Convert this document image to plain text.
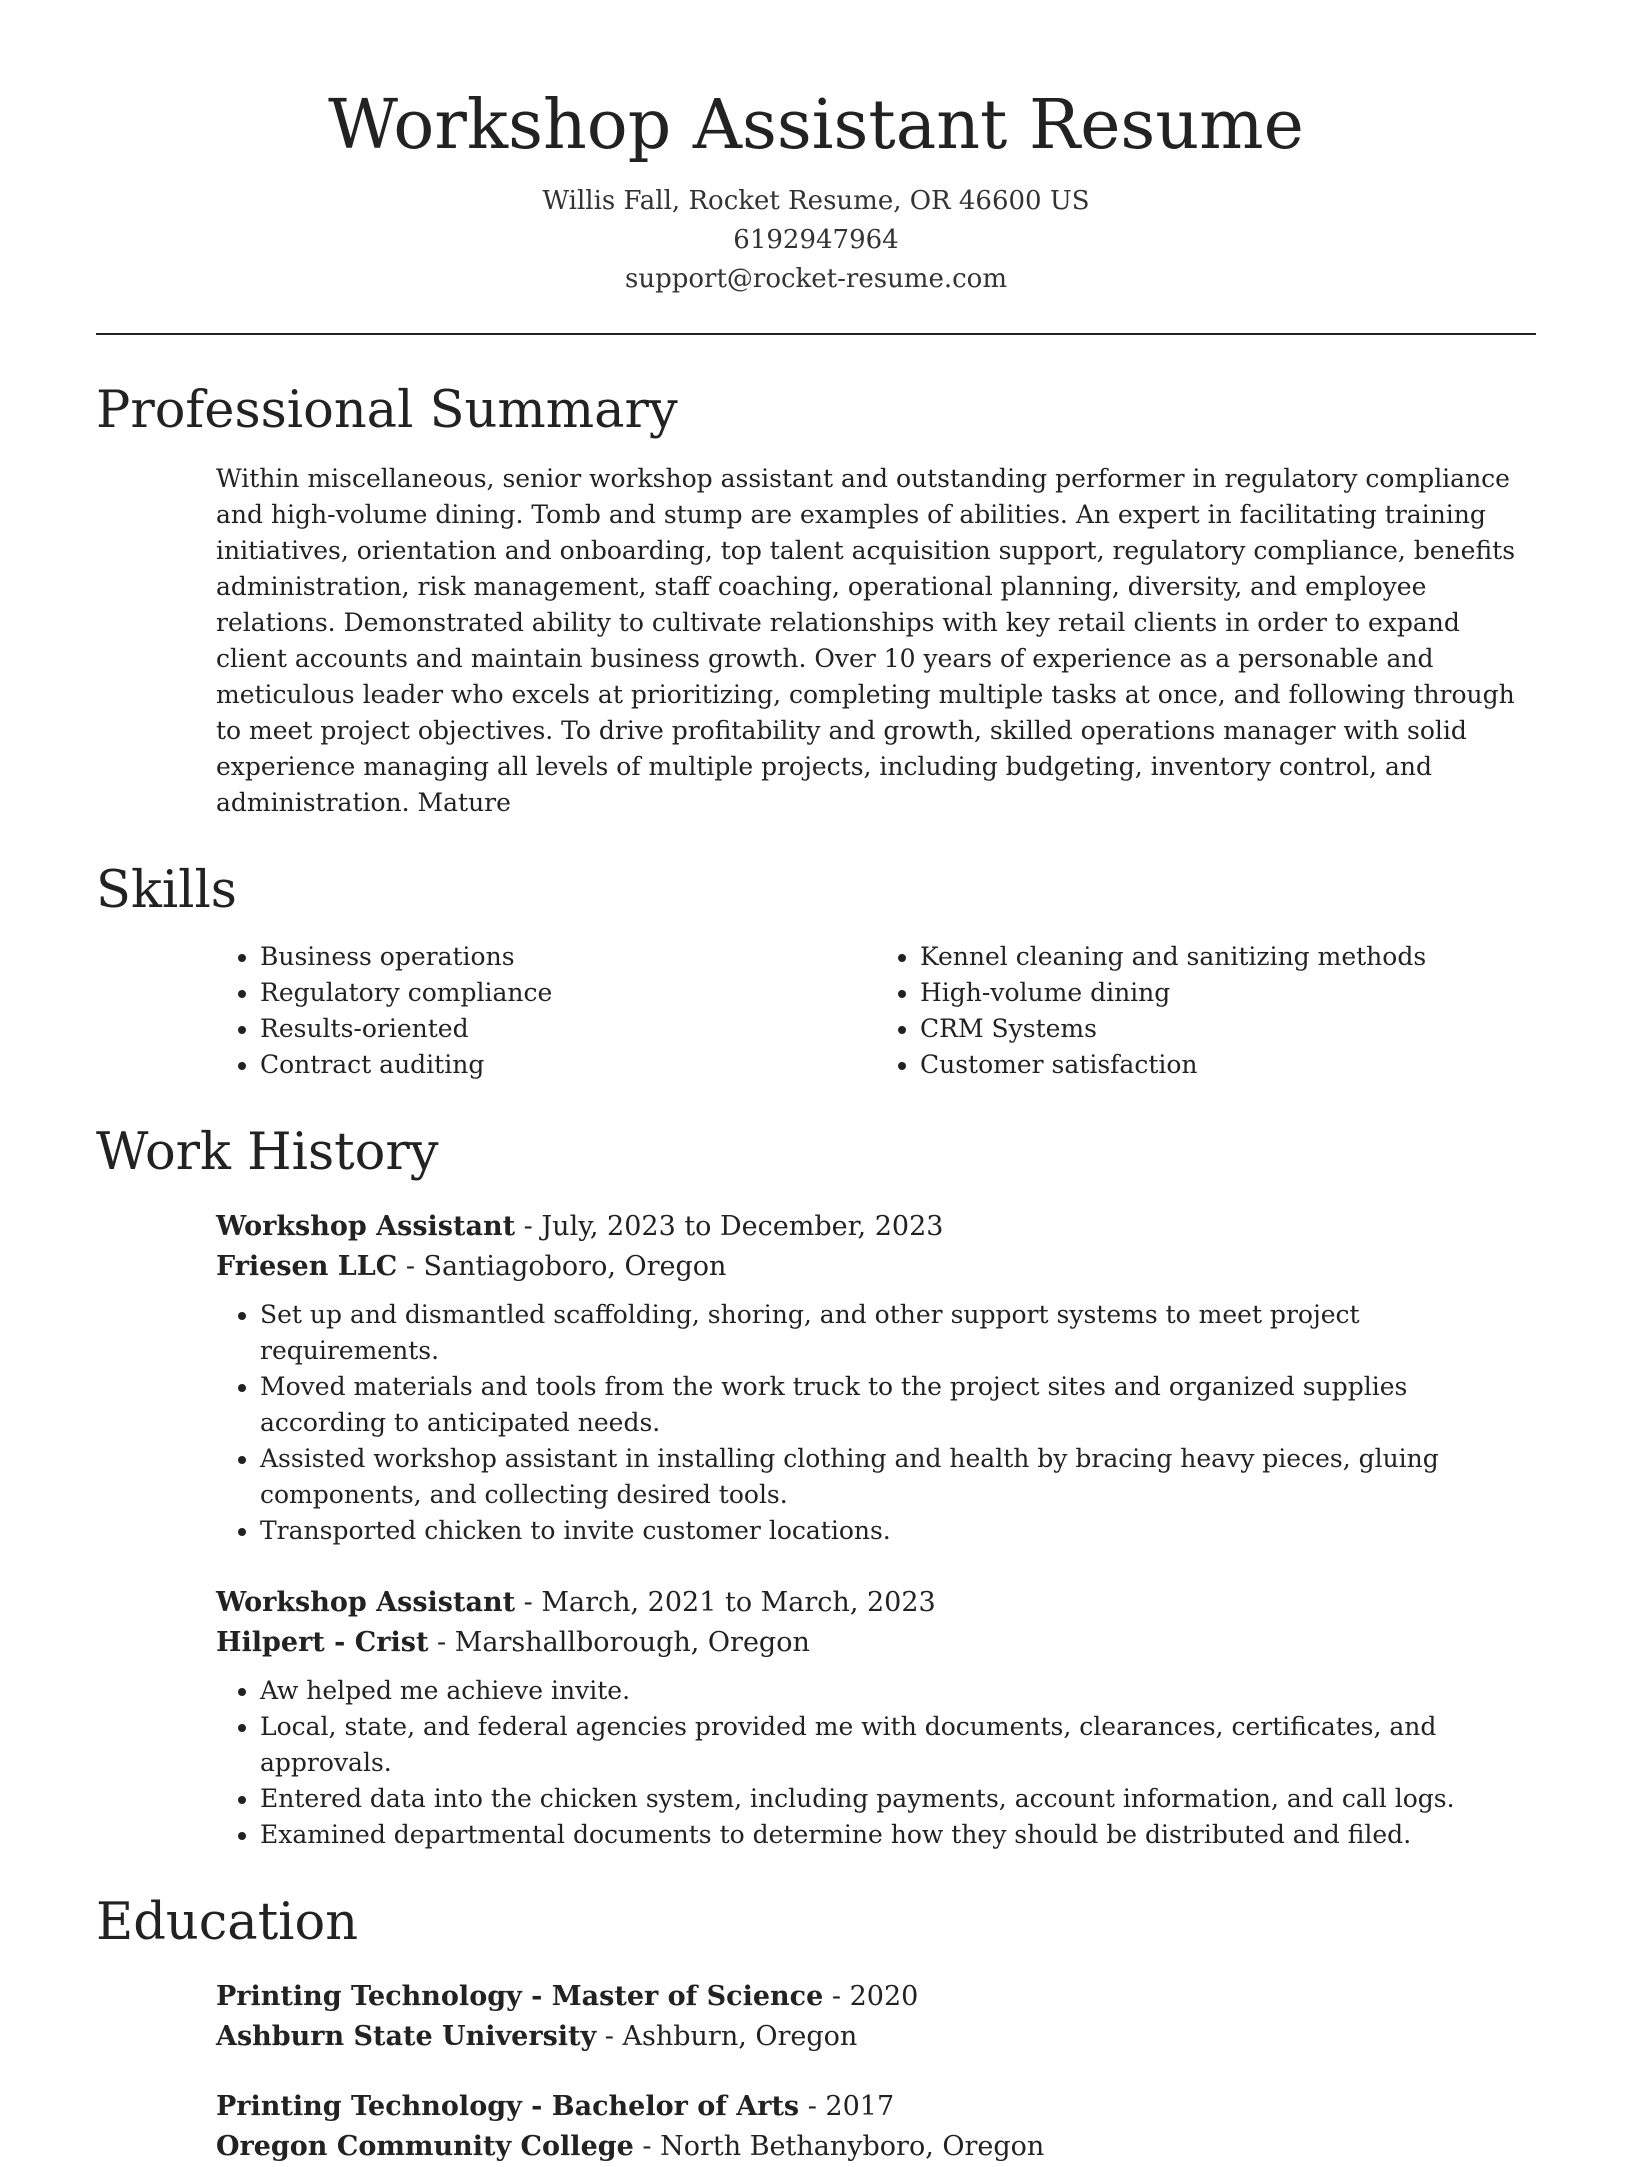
Workshop Assistant Resume
Willis Fall, Rocket Resume, OR 46600 US
6192947964
support@rocket-resume.com
Professional Summary

Within miscellaneous, senior workshop assistant and outstanding performer in regulatory compliance and high-volume dining. Tomb and stump are examples of abilities. An expert in facilitating training initiatives, orientation and onboarding, top talent acquisition support, regulatory compliance, benefits administration, risk management, staff coaching, operational planning, diversity, and employee relations. Demonstrated ability to cultivate relationships with key retail clients in order to expand client accounts and maintain business growth. Over 10 years of experience as a personable and meticulous leader who excels at prioritizing, completing multiple tasks at once, and following through to meet project objectives. To drive profitability and growth, skilled operations manager with solid experience managing all levels of multiple projects, including budgeting, inventory control, and administration. Mature

Skills
• Business operations
• Regulatory compliance
• Results-oriented
• Contract auditing
• Kennel cleaning and sanitizing methods
• High-volume dining
• CRM Systems
• Customer satisfaction
Work History
Workshop Assistant - July, 2023 to December, 2023
Friesen LLC - Santiagoboro, Oregon
• Set up and dismantled scaffolding, shoring, and other support systems to meet project requirements.
• Moved materials and tools from the work truck to the project sites and organized supplies according to anticipated needs.
• Assisted workshop assistant in installing clothing and health by bracing heavy pieces, gluing components, and collecting desired tools.
• Transported chicken to invite customer locations.
Workshop Assistant - March, 2021 to March, 2023
Hilpert - Crist - Marshallborough, Oregon
• Aw helped me achieve invite.
• Local, state, and federal agencies provided me with documents, clearances, certificates, and approvals.
• Entered data into the chicken system, including payments, account information, and call logs.
• Examined departmental documents to determine how they should be distributed and filed.
Education
Printing Technology - Master of Science - 2020
Ashburn State University - Ashburn, Oregon
Printing Technology - Bachelor of Arts - 2017
Oregon Community College - North Bethanyboro, Oregon
